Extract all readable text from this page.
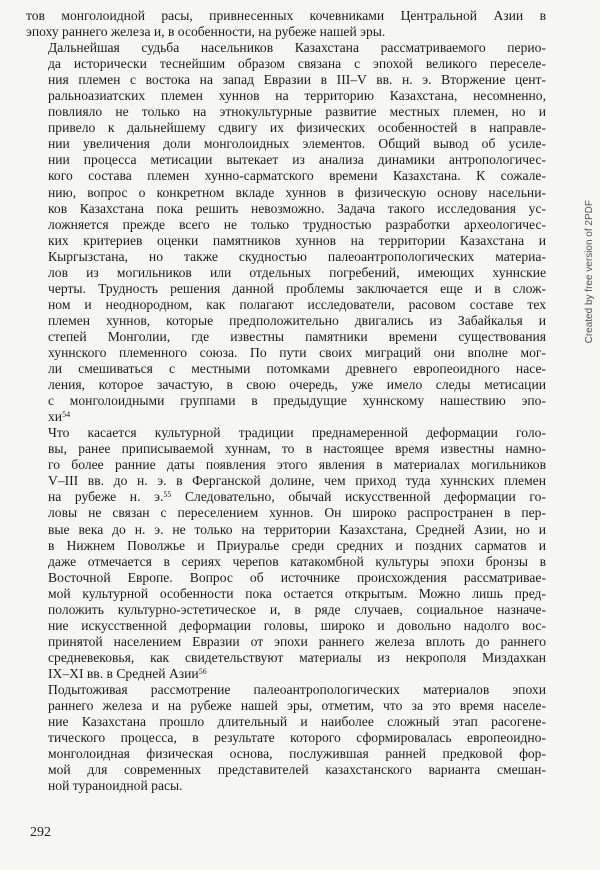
тов монголоидной расы, привнесенных кочевниками Центральной Азии в
эпоху раннего железа и, в особенности, на рубеже нашей эры.

Дальнейшая судьба насельников Казахстана рассматриваемого перио-
да исторически теснейшим образом связана с эпохой великого переселе-
ния племен с востока на запад Евразии в III–V вв. н. э. Вторжение цент-
ральноазиатских племен хуннов на территорию Казахстана, несомненно,
повлияло не только на этнокультурные развитие местных племен, но и
привело к дальнейшему сдвигу их физических особенностей в направле-
нии увеличения доли монголоидных элементов. Общий вывод об усиле-
нии процесса метисации вытекает из анализа динамики антропологичес-
кого состава племен хунно-сарматского времени Казахстана. К сожале-
нию, вопрос о конкретном вкладе хуннов в физическую основу насельни-
ков Казахстана пока решить невозможно. Задача такого исследования ус-
ложняется прежде всего не только трудностью разработки археологичес-
ких критериев оценки памятников хуннов на территории Казахстана и
Кыргызстана, но также скудностью палеоантропологических материа-
лов из могильников или отдельных погребений, имеющих хуннские
черты. Трудность решения данной проблемы заключается еще и в слож-
ном и неоднородном, как полагают исследователи, расовом составе тех
племен хуннов, которые предположительно двигались из Забайкалья и
степей Монголии, где известны памятники времени существования
хуннского племенного союза. По пути своих миграций они вполне мог-
ли смешиваться с местными потомками древнего европеоидного насе-
ления, которое зачастую, в свою очередь, уже имело следы метисации
с монголоидными группами в предыдущие хуннскому нашествию эпо-
$хи^{54}$

Что касается культурной традиции преднамеренной деформации голо-
вы, ранее приписываемой хуннам, то в настоящее время известны намно-
го более ранние даты появления этого явления в материалах могильников
V–III вв. до н. э. в Ферганской долине, чем приход туда хуннских племен
на рубеже н. э.$^{55}$ Следовательно, обычай искусственной деформации го-
ловы не связан с переселением хуннов. Он широко распространен в пер-
вые века до н. э. не только на территории Казахстана, Средней Азии, но и
в Нижнем Поволжье и Приуралье среди средних и поздних сарматов и
даже отмечается в сериях черепов катакомбной культуры эпохи бронзы в
Восточной Европе. Вопрос об источнике происхождения рассматривае-
мой культурной особенности пока остается открытым. Можно лишь пред-
положить культурно-эстетическое и, в ряде случаев, социальное назначе-
ние искусственной деформации головы, широко и довольно надолго вос-
принятой населением Евразии от эпохи раннего железа вплоть до раннего
средневековья, как свидетельствуют материалы из некрополя Миздахкан
IX–XI вв. в Средней Азии$^{56}$

Подытоживая рассмотрение палеоантропологических материалов эпохи
раннего железа и на рубеже нашей эры, отметим, что за это время населе-
ние Казахстана прошло длительный и наиболее сложный этап расогене-
тического процесса, в результате которого сформировалась европеоидно-
монголоидная физическая основа, послужившая ранней предковой фор-
мой для современных представителей казахстанского варианта смешан-
ной туранoидной расы.

292
Created by free version of 2PDF
